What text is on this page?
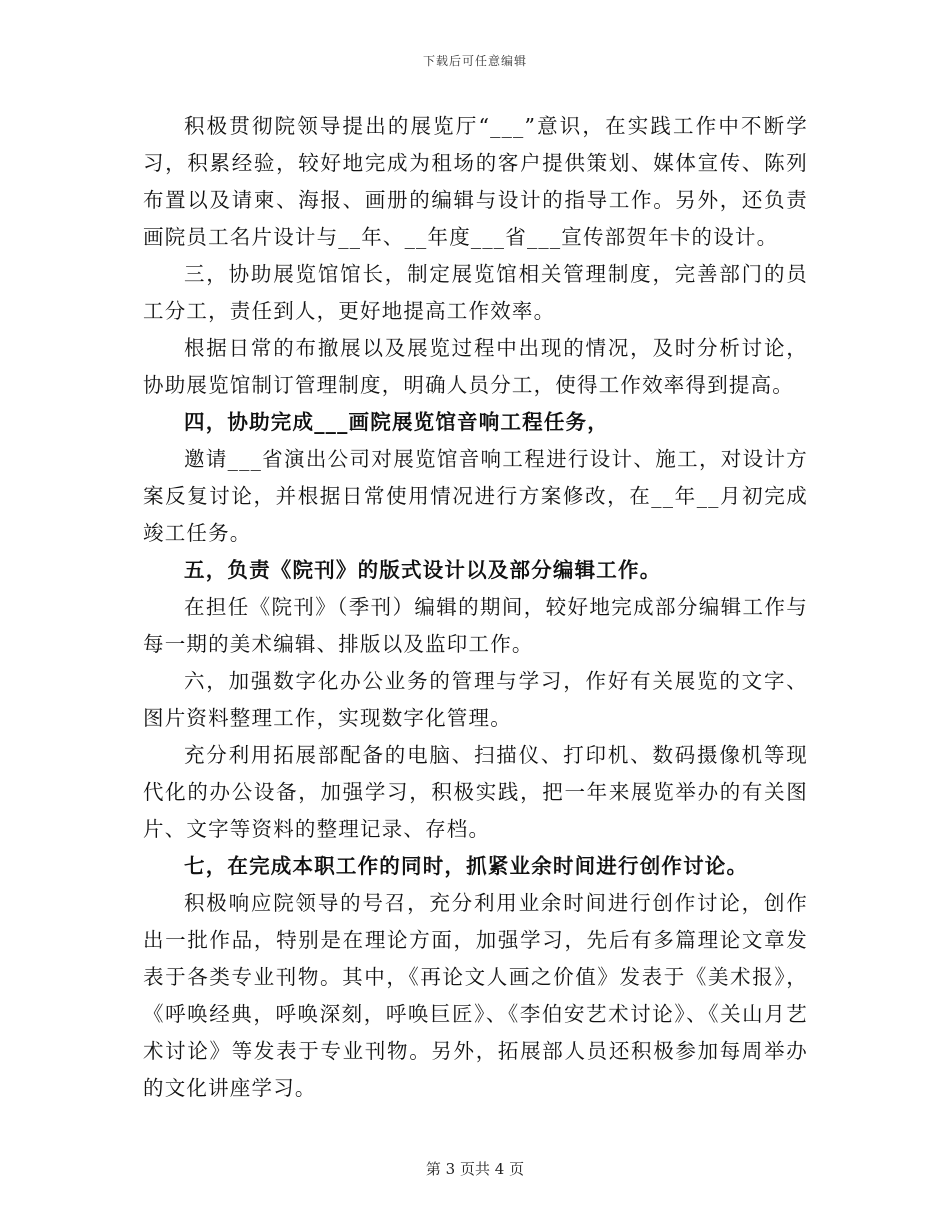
下载后可任意编辑

积极贯彻院领导提出的展览厅“___”意识，在实践工作中不断学习，积累经验，较好地完成为租场的客户提供策划、媒体宣传、陈列布置以及请柬、海报、画册的编辑与设计的指导工作。另外，还负责画院员工名片设计与__年、__年度___省___宣传部贺年卡的设计。

三，协助展览馆馆长，制定展览馆相关管理制度，完善部门的员工分工，责任到人，更好地提高工作效率。

根据日常的布撤展以及展览过程中出现的情况，及时分析讨论，协助展览馆制订管理制度，明确人员分工，使得工作效率得到提高。

四，协助完成___画院展览馆音响工程任务，

邀请___省演出公司对展览馆音响工程进行设计、施工，对设计方案反复讨论，并根据日常使用情况进行方案修改，在__年__月初完成竣工任务。

五，负责《院刊》的版式设计以及部分编辑工作。

在担任《院刊》（季刊）编辑的期间，较好地完成部分编辑工作与每一期的美术编辑、排版以及监印工作。

六，加强数字化办公业务的管理与学习，作好有关展览的文字、图片资料整理工作，实现数字化管理。

充分利用拓展部配备的电脑、扫描仪、打印机、数码摄像机等现代化的办公设备，加强学习，积极实践，把一年来展览举办的有关图片、文字等资料的整理记录、存档。

七，在完成本职工作的同时，抓紧业余时间进行创作讨论。

积极响应院领导的号召，充分利用业余时间进行创作讨论，创作出一批作品，特别是在理论方面，加强学习，先后有多篇理论文章发表于各类专业刊物。其中，《再论文人画之价值》发表于《美术报》，《呼唤经典，呼唤深刻，呼唤巨匠》、《李伯安艺术讨论》、《关山月艺术讨论》等发表于专业刊物。另外，拓展部人员还积极参加每周举办的文化讲座学习。

第 3 页共 4 页
